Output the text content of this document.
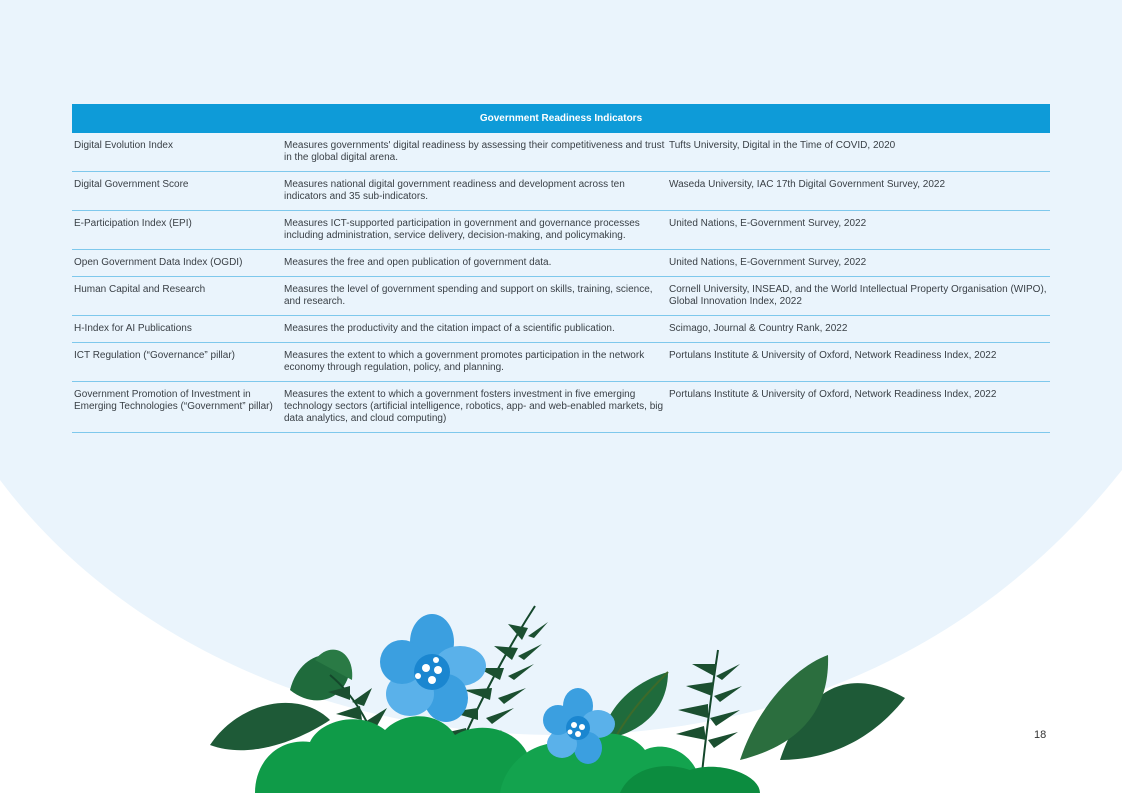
Government Readiness Indicators		
Digital Evolution Index	Measures governments' digital readiness by assessing their competitiveness and trust in the global digital arena.	Tufts University, Digital in the Time of COVID, 2020
Digital Government Score	Measures national digital government readiness and development across ten indicators and 35 sub-indicators.	Waseda University, IAC 17th Digital Government Survey, 2022
E-Participation Index (EPI)	Measures ICT-supported participation in government and governance processes including administration, service delivery, decision-making, and policymaking.	United Nations, E-Government Survey, 2022
Open Government Data Index (OGDI)	Measures the free and open publication of government data.	United Nations, E-Government Survey, 2022
Human Capital and Research	Measures the level of government spending and support on skills, training, science, and research.	Cornell University, INSEAD, and the World Intellectual Property Organisation (WIPO), Global Innovation Index, 2022
H-Index for AI Publications	Measures the productivity and the citation impact of a scientific publication.	Scimago, Journal & Country Rank, 2022
ICT Regulation (“Governance” pillar)	Measures the extent to which a government promotes participation in the network economy through regulation, policy, and planning.	Portulans Institute & University of Oxford, Network Readiness Index, 2022
Government Promotion of Investment in Emerging Technologies (“Government” pillar)	Measures the extent to which a government fosters investment in five emerging technology sectors (artificial intelligence, robotics, app- and web-enabled markets, big data analytics, and cloud computing)	Portulans Institute & University of Oxford, Network Readiness Index, 2022
18
